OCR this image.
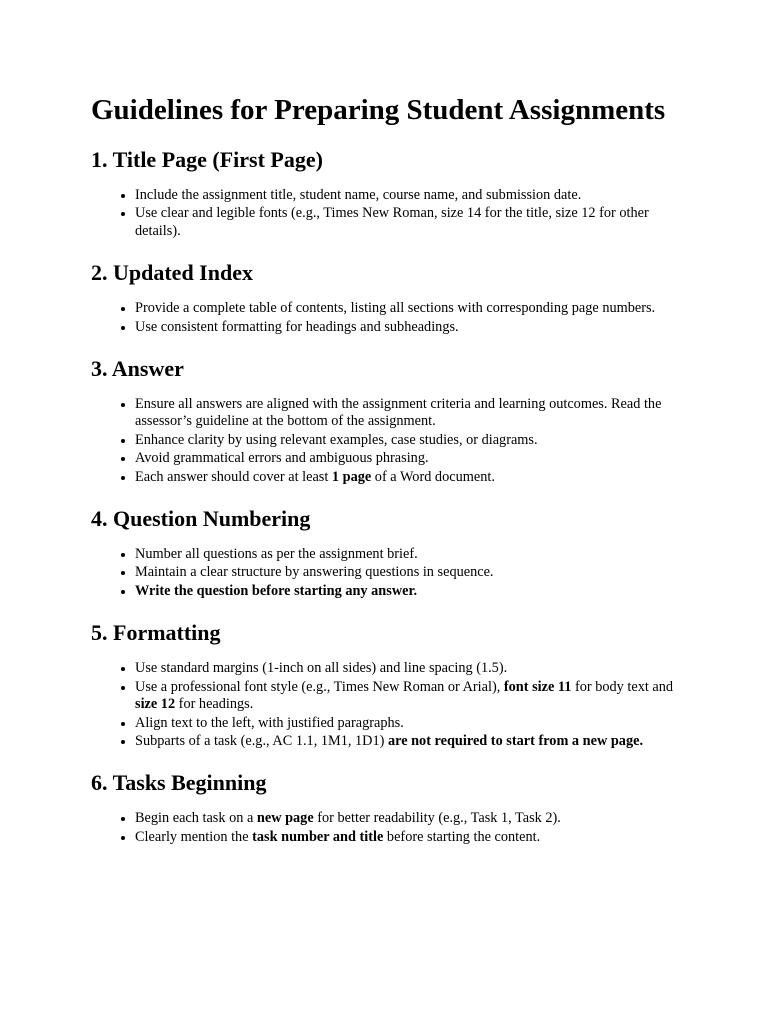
Guidelines for Preparing Student Assignments
1. Title Page (First Page)
• Include the assignment title, student name, course name, and submission date.
• Use clear and legible fonts (e.g., Times New Roman, size 14 for the title, size 12 for other details).
2. Updated Index
• Provide a complete table of contents, listing all sections with corresponding page numbers.
• Use consistent formatting for headings and subheadings.
3. Answer
• Ensure all answers are aligned with the assignment criteria and learning outcomes. Read the assessor’s guideline at the bottom of the assignment.
• Enhance clarity by using relevant examples, case studies, or diagrams.
• Avoid grammatical errors and ambiguous phrasing.
• Each answer should cover at least 1 page of a Word document.
4. Question Numbering
• Number all questions as per the assignment brief.
• Maintain a clear structure by answering questions in sequence.
• Write the question before starting any answer.
5. Formatting
• Use standard margins (1-inch on all sides) and line spacing (1.5).
• Use a professional font style (e.g., Times New Roman or Arial), font size 11 for body text and size 12 for headings.
• Align text to the left, with justified paragraphs.
• Subparts of a task (e.g., AC 1.1, 1M1, 1D1) are not required to start from a new page.
6. Tasks Beginning
• Begin each task on a new page for better readability (e.g., Task 1, Task 2).
• Clearly mention the task number and title before starting the content.
